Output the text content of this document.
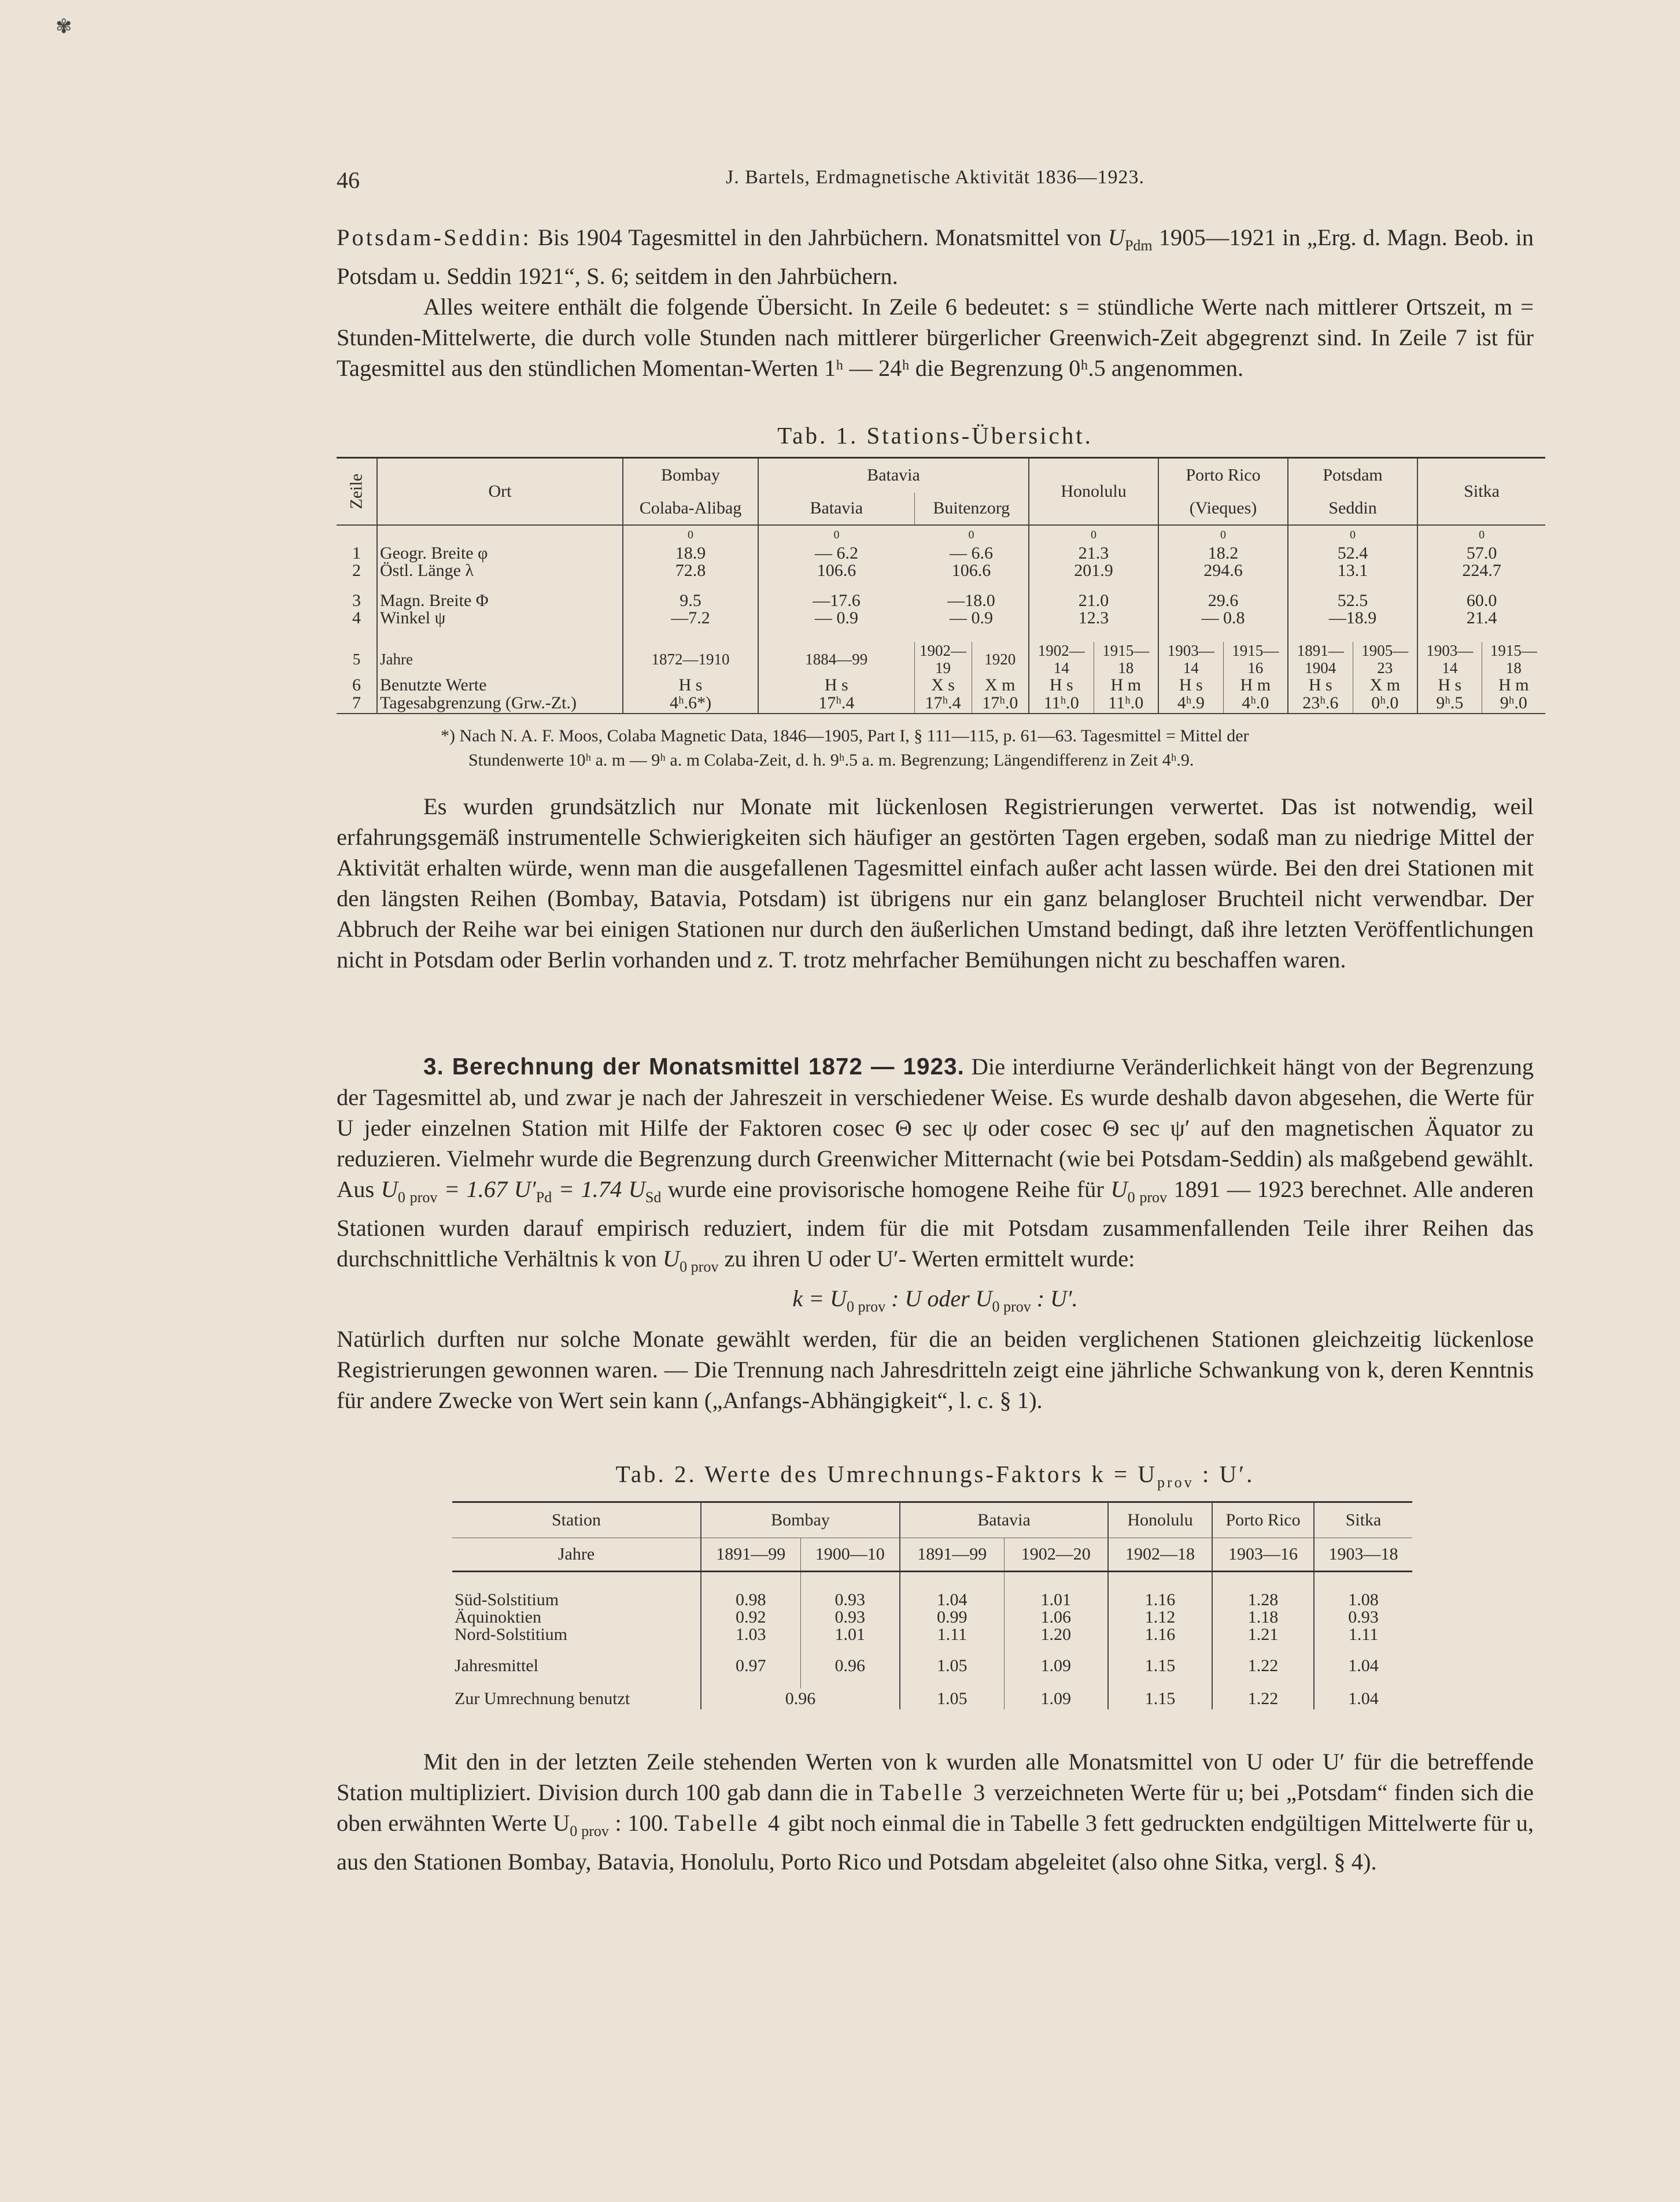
✾
46	J. Bartels, Erdmagnetische Aktivität 1836—1923.

Potsdam-Seddin: Bis 1904 Tagesmittel in den Jahrbüchern. Monatsmittel von $U_{Pdm}$ 1905—1921 in „Erg. d. Magn. Beob. in Potsdam u. Seddin 1921“, S. 6; seitdem in den Jahrbüchern.

Alles weitere enthält die folgende Übersicht. In Zeile 6 bedeutet: s = stündliche Werte nach mittlerer Ortszeit, m = Stunden-Mittelwerte, die durch volle Stunden nach mittlerer bürgerlicher Greenwich-Zeit abgegrenzt sind. In Zeile 7 ist für Tagesmittel aus den stündlichen Momentan-Werten 1ʰ — 24ʰ die Begrenzung 0ʰ.5 angenommen.

Tab. 1. Stations-Übersicht.
Zeile	Ort	Bombay	Batavia			Honolulu		Porto Rico		Potsdam		Sitka	
		Colaba-Alibag	Batavia	Buitenzorg				(Vieques)		Seddin			
		0	0	0		0		0		0		0	
1	Geogr. Breite φ	18.9	— 6.2	— 6.6		21.3		18.2		52.4		57.0	
2	Östl. Länge λ	72.8	106.6	106.6		201.9		294.6		13.1		224.7	

3	Magn. Breite Φ	9.5	—17.6	—18.0		21.0		29.6		52.5		60.0	
4	Winkel ψ	—7.2	— 0.9	— 0.9		12.3		— 0.8		—18.9		21.4	

5	Jahre	1872—1910	1884—99	1902—19	1920	1902—14	1915—18	1903—14	1915—16	1891—1904	1905—23	1903—14	1915—18
6	Benutzte Werte	H s	H s	X s	X m	H s	H m	H s	H m	H s	X m	H s	H m
7	Tagesabgrenzung (Grw.-Zt.)	4ʰ.6*)	17ʰ.4	17ʰ.4	17ʰ.0	11ʰ.0	11ʰ.0	4ʰ.9	4ʰ.0	23ʰ.6	0ʰ.0	9ʰ.5	9ʰ.0
*) Nach N. A. F. Moos, Colaba Magnetic Data, 1846—1905, Part I, § 111—115, p. 61—63. Tagesmittel = Mittel der
Stundenwerte 10ʰ a. m — 9ʰ a. m Colaba-Zeit, d. h. 9ʰ.5 a. m. Begrenzung; Längendifferenz in Zeit 4ʰ.9.

Es wurden grundsätzlich nur Monate mit lückenlosen Registrierungen verwertet. Das ist notwendig, weil erfahrungsgemäß instrumentelle Schwierigkeiten sich häufiger an gestörten Tagen ergeben, sodaß man zu niedrige Mittel der Aktivität erhalten würde, wenn man die ausgefallenen Tagesmittel einfach außer acht lassen würde. Bei den drei Stationen mit den längsten Reihen (Bombay, Batavia, Potsdam) ist übrigens nur ein ganz belangloser Bruchteil nicht verwendbar. Der Abbruch der Reihe war bei einigen Stationen nur durch den äußerlichen Umstand bedingt, daß ihre letzten Veröffentlichungen nicht in Potsdam oder Berlin vorhanden und z. T. trotz mehrfacher Bemühungen nicht zu beschaffen waren.

3. Berechnung der Monatsmittel 1872 — 1923. Die interdiurne Veränderlichkeit hängt von der Begrenzung der Tagesmittel ab, und zwar je nach der Jahreszeit in verschiedener Weise. Es wurde deshalb davon abgesehen, die Werte für U jeder einzelnen Station mit Hilfe der Faktoren cosec Θ sec ψ oder cosec Θ sec ψ′ auf den magnetischen Äquator zu reduzieren. Vielmehr wurde die Begrenzung durch Greenwicher Mitternacht (wie bei Potsdam-Seddin) als maßgebend gewählt. Aus $U_{0 prov} = 1.67$ $U'_{Pd} = 1.74$ $U_{Sd}$ wurde eine provisorische homogene Reihe für $U_{0 prov}$ 1891 — 1923 berechnet. Alle anderen Stationen wurden darauf empirisch reduziert, indem für die mit Potsdam zusammenfallenden Teile ihrer Reihen das durchschnittliche Verhältnis k von $U_{0 prov}$ zu ihren U oder U′- Werten ermittelt wurde:

$k = U_{0 prov}$ : U oder $U_{0 prov}$ : U′.

Natürlich durften nur solche Monate gewählt werden, für die an beiden verglichenen Stationen gleichzeitig lückenlose Registrierungen gewonnen waren. — Die Trennung nach Jahresdritteln zeigt eine jährliche Schwankung von k, deren Kenntnis für andere Zwecke von Wert sein kann („Anfangs-Abhängigkeit“, l. c. § 1).

Tab. 2. Werte des Umrechnungs-Faktors $k = U_{prov}$ : U′.
Station	Bombay		Batavia		Honolulu	Porto Rico	Sitka
Jahre	1891—99	1900—10	1891—99	1902—20	1902—18	1903—16	1903—18

Süd-Solstitium	0.98	0.93	1.04	1.01	1.16	1.28	1.08
Äquinoktien	0.92	0.93	0.99	1.06	1.12	1.18	0.93
Nord-Solstitium	1.03	1.01	1.11	1.20	1.16	1.21	1.11

Jahresmittel	0.97	0.96	1.05	1.09	1.15	1.22	1.04

Zur Umrechnung benutzt	0.96		1.05	1.09	1.15	1.22	1.04

Mit den in der letzten Zeile stehenden Werten von k wurden alle Monatsmittel von U oder U′ für die betreffende Station multipliziert. Division durch 100 gab dann die in Tabelle 3 verzeichneten Werte für u; bei „Potsdam“ finden sich die oben erwähnten Werte $U_{0 prov}$ : 100. Tabelle 4 gibt noch einmal die in Tabelle 3 fett gedruckten endgültigen Mittelwerte für u, aus den Stationen Bombay, Batavia, Honolulu, Porto Rico und Potsdam abgeleitet (also ohne Sitka, vergl. § 4).
